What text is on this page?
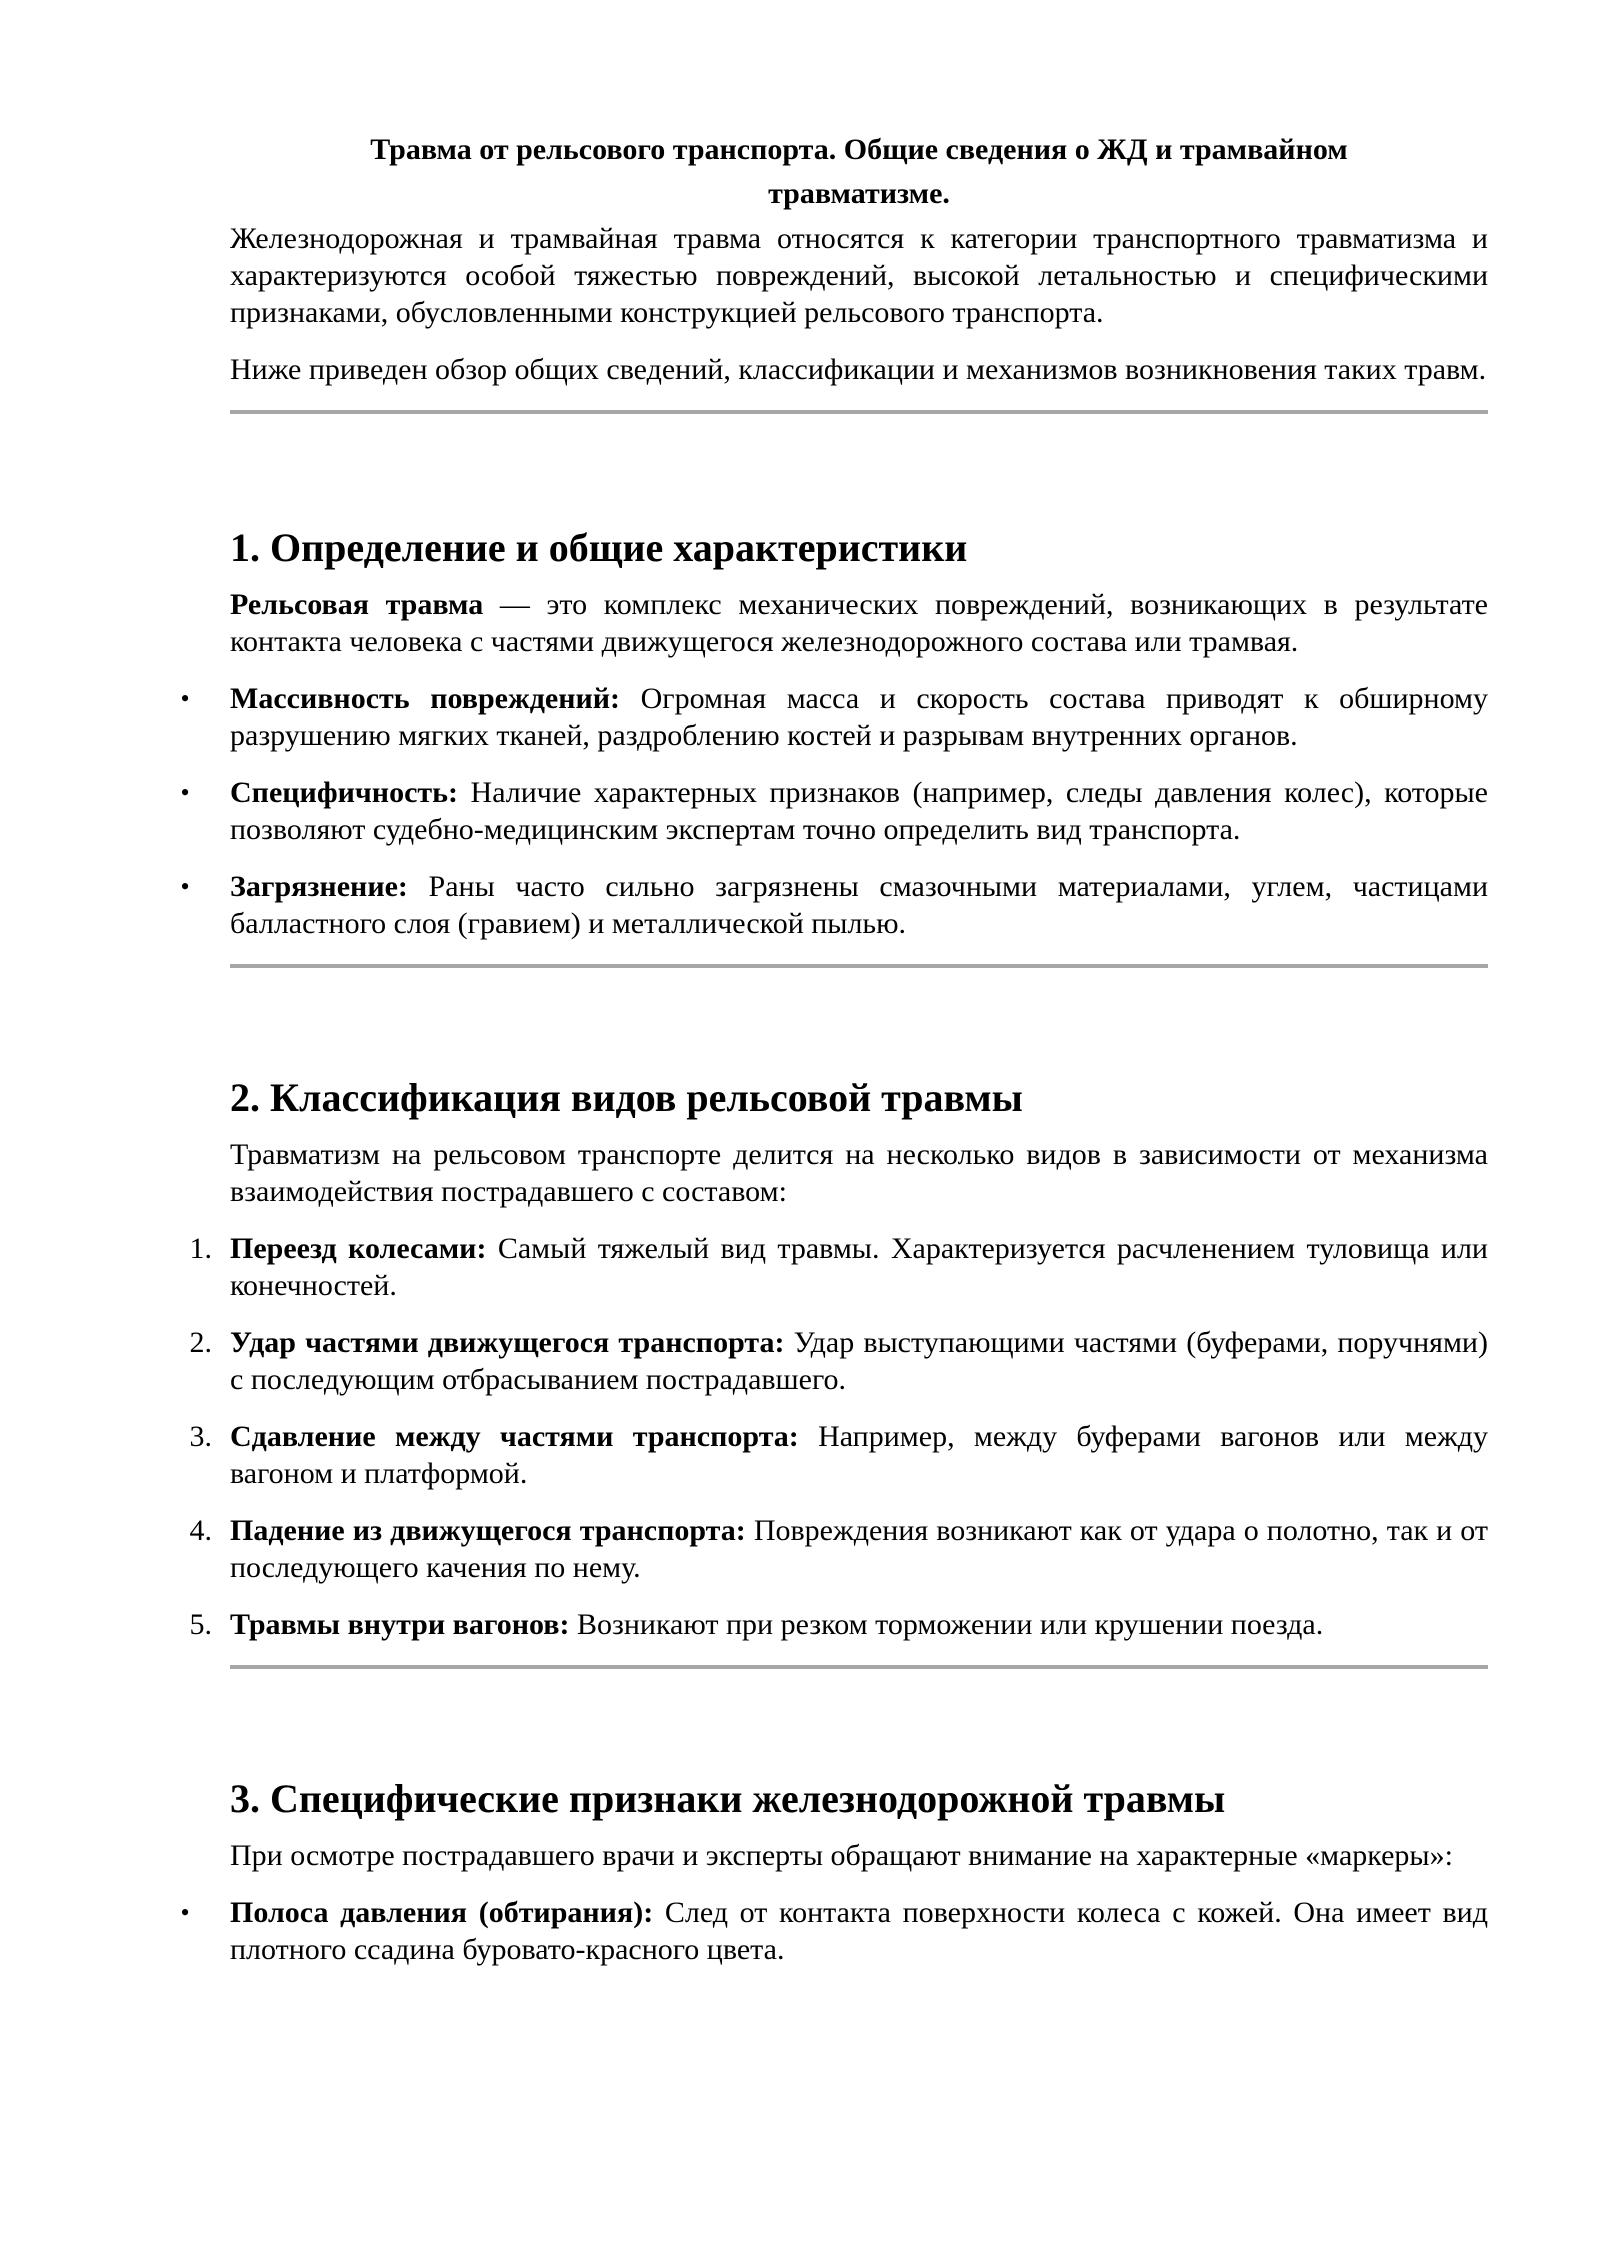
Травма от рельсового транспорта. Общие сведения о ЖД и трамвайном
травматизме.

Железнодорожная и трамвайная травма относятся к категории транспортного травматизма и характеризуются особой тяжестью повреждений, высокой летальностью и специфическими признаками, обусловленными конструкцией рельсового транспорта.

Ниже приведен обзор общих сведений, классификации и механизмов возникновения таких травм.

1. Определение и общие характеристики

Рельсовая травма — это комплекс механических повреждений, возникающих в результате контакта человека с частями движущегося железнодорожного состава или трамвая.

• Массивность повреждений: Огромная масса и скорость состава приводят к обширному разрушению мягких тканей, раздроблению костей и разрывам внутренних органов.
• Специфичность: Наличие характерных признаков (например, следы давления колес), которые позволяют судебно-медицинским экспертам точно определить вид транспорта.
• Загрязнение: Раны часто сильно загрязнены смазочными материалами, углем, частицами балластного слоя (гравием) и металлической пылью.
2. Классификация видов рельсовой травмы

Травматизм на рельсовом транспорте делится на несколько видов в зависимости от механизма взаимодействия пострадавшего с составом:

1. Переезд колесами: Самый тяжелый вид травмы. Характеризуется расчленением туловища или конечностей.
2. Удар частями движущегося транспорта: Удар выступающими частями (буферами, поручнями) с последующим отбрасыванием пострадавшего.
3. Сдавление между частями транспорта: Например, между буферами вагонов или между вагоном и платформой.
4. Падение из движущегося транспорта: Повреждения возникают как от удара о полотно, так и от последующего качения по нему.
5. Травмы внутри вагонов: Возникают при резком торможении или крушении поезда.
3. Специфические признаки железнодорожной травмы

При осмотре пострадавшего врачи и эксперты обращают внимание на характерные «маркеры»:

• Полоса давления (обтирания): След от контакта поверхности колеса с кожей. Она имеет вид плотного ссадина буровато-красного цвета.
